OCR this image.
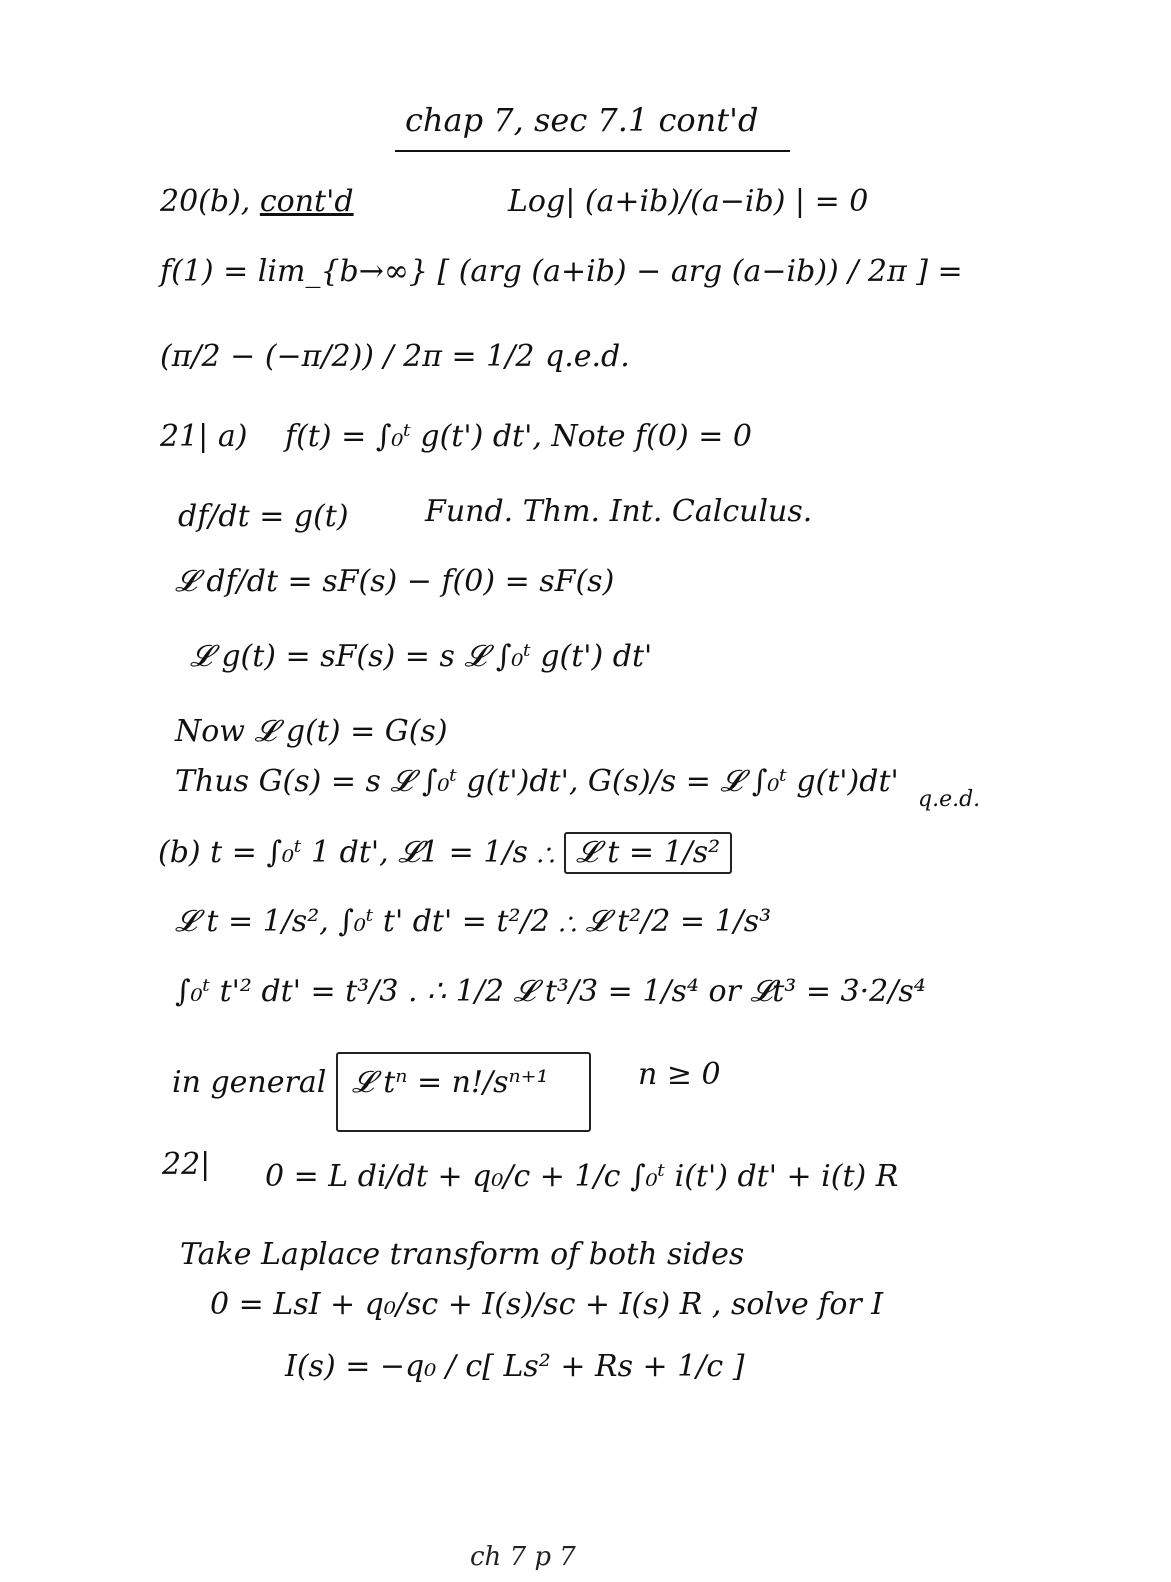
chap 7, sec 7.1 cont'd
20(b), cont'd	Log| (a+ib)/(a−ib) | = 0
f(1) = lim_{b→∞} [ (arg (a+ib) − arg (a−ib)) / 2π ] =
(π/2 − (−π/2)) / 2π = 1/2 q.e.d.
21| a) f(t) = ∫₀ᵗ g(t') dt', Note f(0) = 0
df/dt = g(t)	Fund. Thm. Int. Calculus.
𝓛 df/dt = sF(s) − f(0) = sF(s)
𝓛 g(t) = sF(s) = s 𝓛 ∫₀ᵗ g(t') dt'
Now 𝓛 g(t) = G(s)
Thus G(s) = s 𝓛 ∫₀ᵗ g(t')dt', G(s)/s = 𝓛 ∫₀ᵗ g(t')dt'
q.e.d.
(b) t = ∫₀ᵗ 1 dt', 𝓛1 = 1/s ∴ 𝓛 t = 1/s²
𝓛 t = 1/s², ∫₀ᵗ t' dt' = t²/2 ∴ 𝓛 t²/2 = 1/s³
∫₀ᵗ t'² dt' = t³/3 . ∴ 1/2 𝓛 t³/3 = 1/s⁴ or 𝓛t³ = 3·2/s⁴
in general 𝓛 tⁿ = n!/sⁿ⁺¹	n ≥ 0
22| 0 = L di/dt + q₀/c + 1/c ∫₀ᵗ i(t') dt' + i(t) R
Take Laplace transform of both sides
0 = LsI + q₀/sc + I(s)/sc + I(s) R , solve for I
I(s) = −q₀ / c[ Ls² + Rs + 1/c ]
ch 7 p 7
